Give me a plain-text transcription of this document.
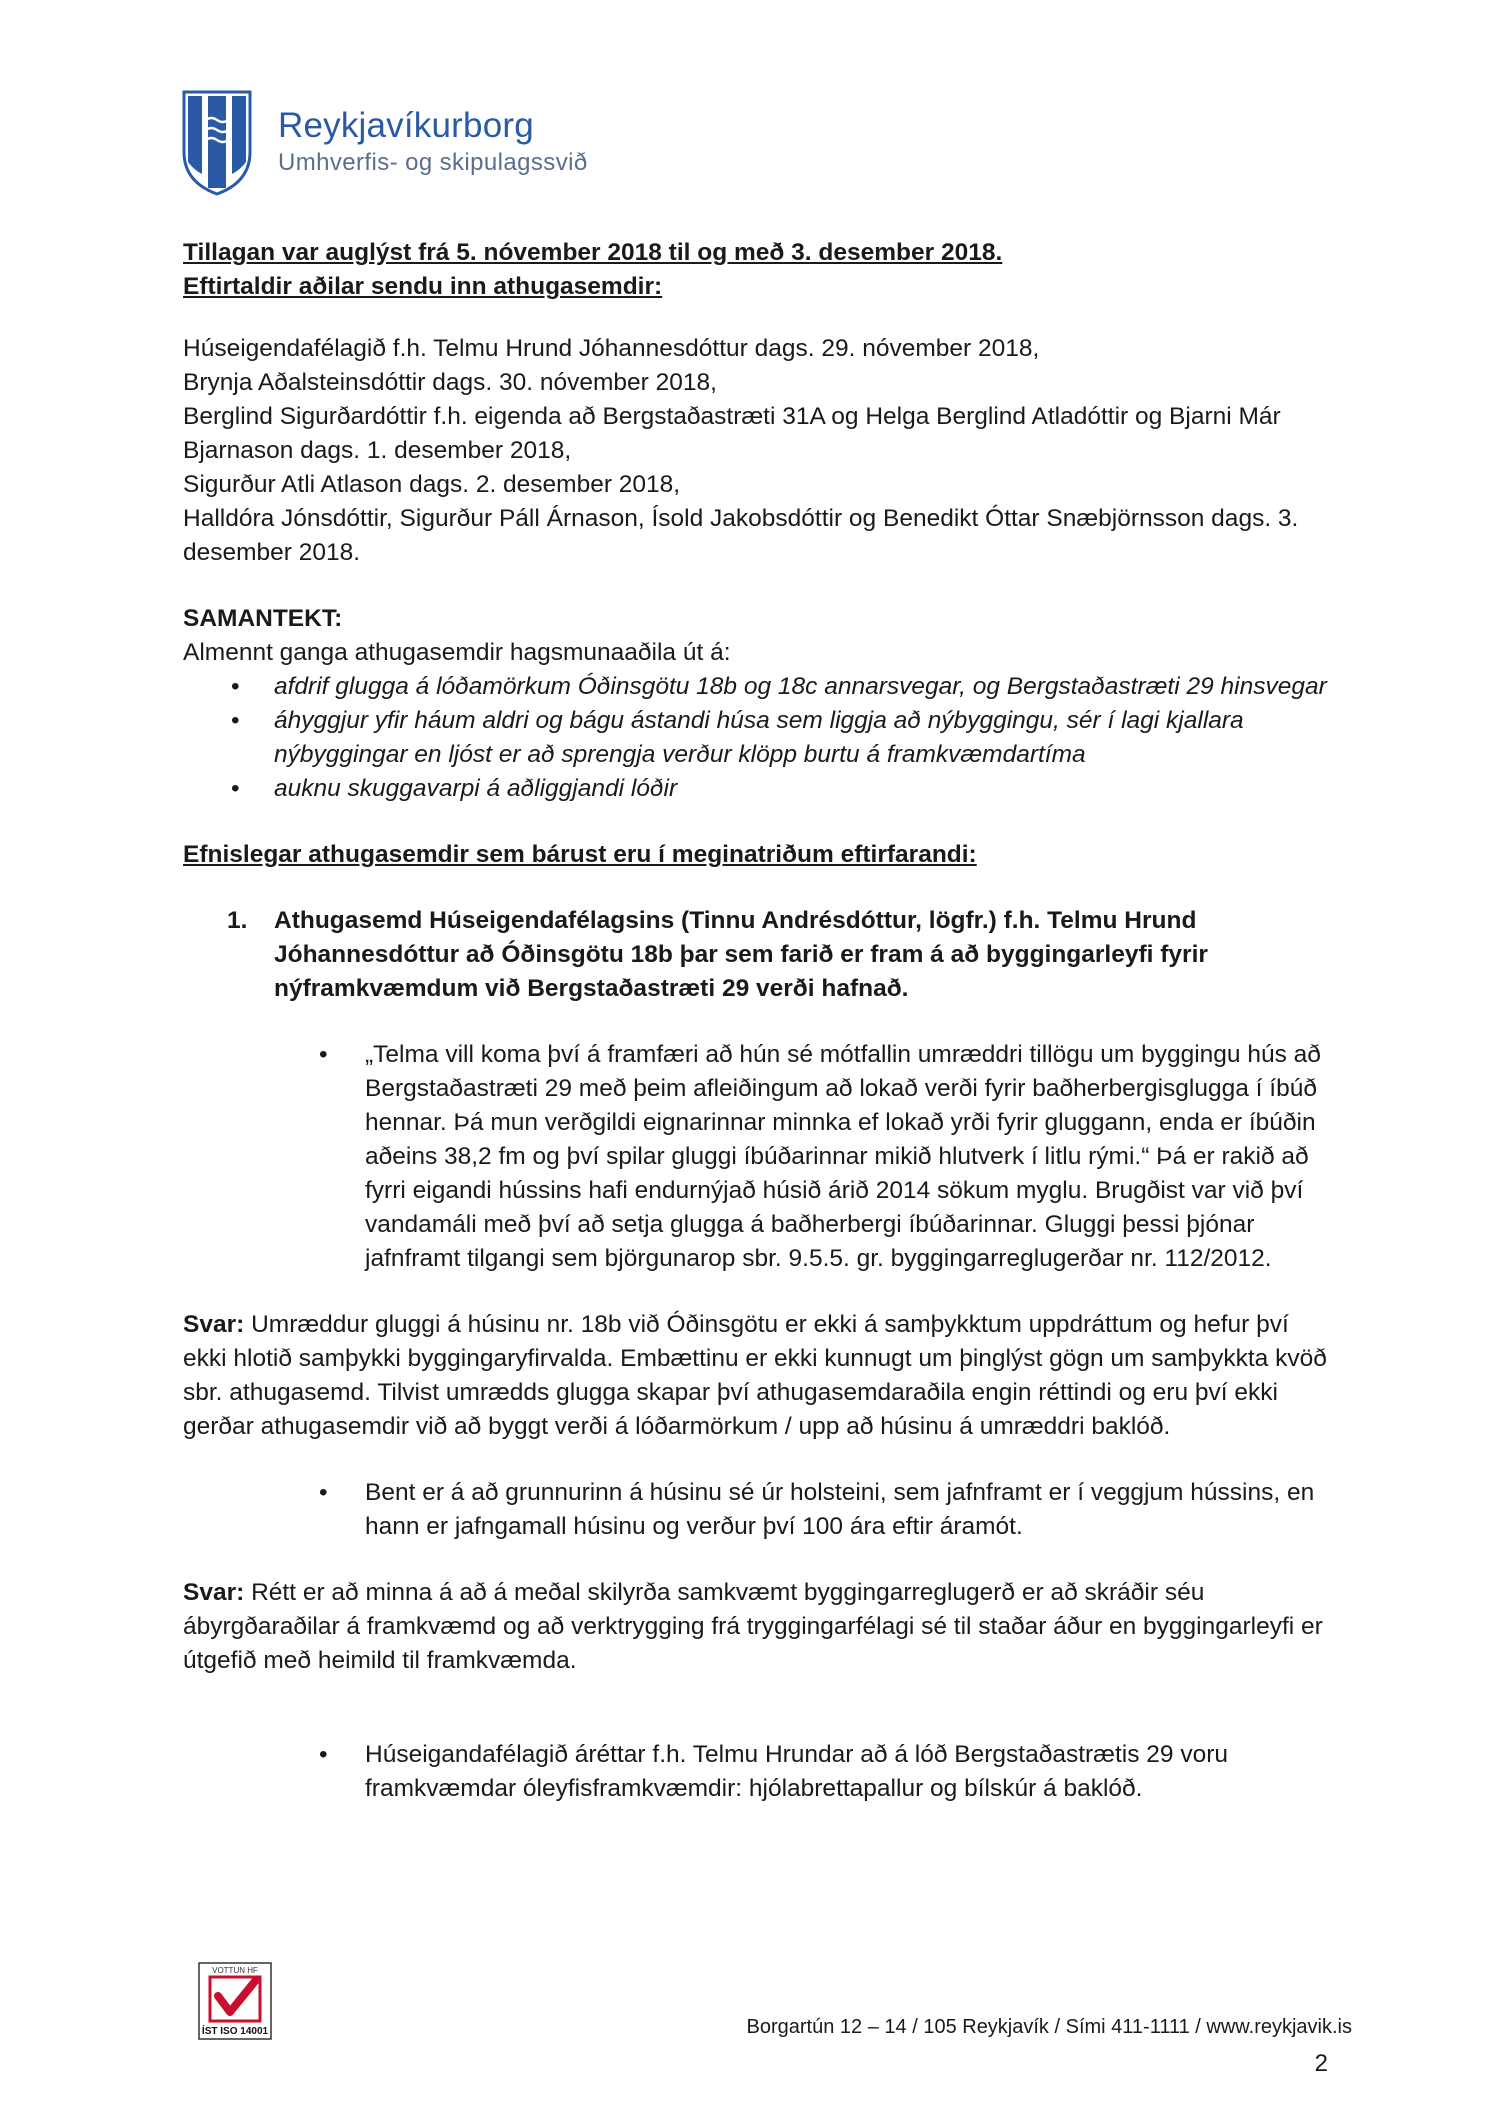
Reykjavíkurborg
Umhverfis- og skipulagssvið

Tillagan var auglýst frá 5. nóvember 2018 til og með 3. desember 2018.

Eftirtaldir aðilar sendu inn athugasemdir:

Húseigendafélagið f.h. Telmu Hrund Jóhannesdóttur dags. 29. nóvember 2018,

Brynja Aðalsteinsdóttir dags. 30. nóvember 2018,

Berglind Sigurðardóttir f.h. eigenda að Bergstaðastræti 31A og Helga Berglind Atladóttir og Bjarni Már Bjarnason dags. 1. desember 2018,

Sigurður Atli Atlason dags. 2. desember 2018,

Halldóra Jónsdóttir, Sigurður Páll Árnason, Ísold Jakobsdóttir og Benedikt Óttar Snæbjörnsson dags. 3. desember 2018.

SAMANTEKT:

Almennt ganga athugasemdir hagsmunaaðila út á:

• afdrif glugga á lóðamörkum Óðinsgötu 18b og 18c annarsvegar, og Bergstaðastræti 29 hinsvegar
• áhyggjur yfir háum aldri og bágu ástandi húsa sem liggja að nýbyggingu, sér í lagi kjallara nýbyggingar en ljóst er að sprengja verður klöpp burtu á framkvæmdartíma
• auknu skuggavarpi á aðliggjandi lóðir

Efnislegar athugasemdir sem bárust eru í meginatriðum eftirfarandi:

1. Athugasemd Húseigendafélagsins (Tinnu Andrésdóttur, lögfr.) f.h. Telmu Hrund Jóhannesdóttur að Óðinsgötu 18b þar sem farið er fram á að byggingarleyfi fyrir nýframkvæmdum við Bergstaðastræti 29 verði hafnað.
• „Telma vill koma því á framfæri að hún sé mótfallin umræddri tillögu um byggingu hús að Bergstaðastræti 29 með þeim afleiðingum að lokað verði fyrir baðherbergisglugga í íbúð hennar. Þá mun verðgildi eignarinnar minnka ef lokað yrði fyrir gluggann, enda er íbúðin aðeins 38,2 fm og því spilar gluggi íbúðarinnar mikið hlutverk í litlu rými.“ Þá er rakið að fyrri eigandi hússins hafi endurnýjað húsið árið 2014 sökum myglu. Brugðist var við því vandamáli með því að setja glugga á baðherbergi íbúðarinnar. Gluggi þessi þjónar jafnframt tilgangi sem björgunarop sbr. 9.5.5. gr. byggingarreglugerðar nr. 112/2012.

Svar: Umræddur gluggi á húsinu nr. 18b við Óðinsgötu er ekki á samþykktum uppdráttum og hefur því ekki hlotið samþykki byggingaryfirvalda. Embættinu er ekki kunnugt um þinglýst gögn um samþykkta kvöð sbr. athugasemd. Tilvist umrædds glugga skapar því athugasemdaraðila engin réttindi og eru því ekki gerðar athugasemdir við að byggt verði á lóðarmörkum / upp að húsinu á umræddri baklóð.

• Bent er á að grunnurinn á húsinu sé úr holsteini, sem jafnframt er í veggjum hússins, en hann er jafngamall húsinu og verður því 100 ára eftir áramót.

Svar: Rétt er að minna á að á meðal skilyrða samkvæmt byggingarreglugerð er að skráðir séu ábyrgðaraðilar á framkvæmd og að verktrygging frá tryggingarfélagi sé til staðar áður en byggingarleyfi er útgefið með heimild til framkvæmda.

• Húseigandafélagið áréttar f.h. Telmu Hrundar að á lóð Bergstaðastrætis 29 voru framkvæmdar óleyfisframkvæmdir: hjólabrettapallur og bílskúr á baklóð.
VOTTUN HF
ÍST ISO 14001	Borgartún 12 – 14 / 105 Reykjavík / Sími 411-1111 / www.reykjavik.is
2
